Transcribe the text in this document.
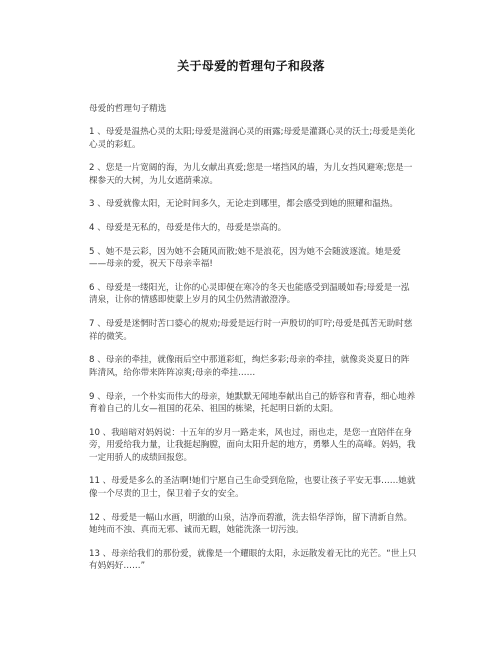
关于母爱的哲理句子和段落
母爱的哲理句子精选
1 、母爱是温热心灵的太阳;母爱是滋润心灵的雨露;母爱是灌溉心灵的沃土;母爱是美化心灵的彩虹。
2 、您是一片宽阔的海，为儿女献出真爱;您是一堵挡风的墙，为儿女挡风避寒;您是一棵参天的大树，为儿女遮荫乘凉。
3 、母爱就像太阳，无论时间多久，无论走到哪里，都会感受到她的照耀和温热。
4 、母爱是无私的，母爱是伟大的，母爱是崇高的。
5 、她不是云彩，因为她不会随风而散;她不是浪花，因为她不会随波逐流。她是爱——母亲的爱，祝天下母亲幸福!
6 、母爱是一缕阳光，让你的心灵即便在寒冷的冬天也能感受到温暖如春;母爱是一泓清泉，让你的情感即使蒙上岁月的风尘仍然清澈澄净。
7 、母爱是迷惘时苦口婆心的规劝;母爱是远行时一声殷切的叮咛;母爱是孤苦无助时慈祥的微笑。
8 、母亲的牵挂，就像雨后空中那道彩虹，绚烂多彩;母亲的牵挂，就像炎炎夏日的阵阵清风，给你带来阵阵凉爽;母亲的牵挂……
9 、母亲，一个朴实而伟大的母亲，她默默无闻地奉献出自己的娇容和青春，细心地养育着自己的儿女—祖国的花朵、祖国的栋梁，托起明日新的太阳。
10 、我暗暗对妈妈说：十五年的岁月一路走来，风也过，雨也走，是您一直陪伴在身旁，用爱给我力量，让我挺起胸膛，面向太阳升起的地方，勇攀人生的高峰。妈妈，我一定用骄人的成绩回报您。
11 、母爱是多么的圣洁啊!她们宁愿自己生命受到危险，也要让孩子平安无事……她就像一个尽责的卫士，保卫着子女的安全。
12 、母爱是一幅山水画，明澈的山泉，洁净而碧澈，洗去铅华浮饰，留下清新自然。她纯而不浊、真而无邪、诚而无暇，她能洗涤一切污浊。
13 、母亲给我们的那份爱，就像是一个耀眼的太阳，永远散发着无比的光芒。“世上只有妈妈好……”
